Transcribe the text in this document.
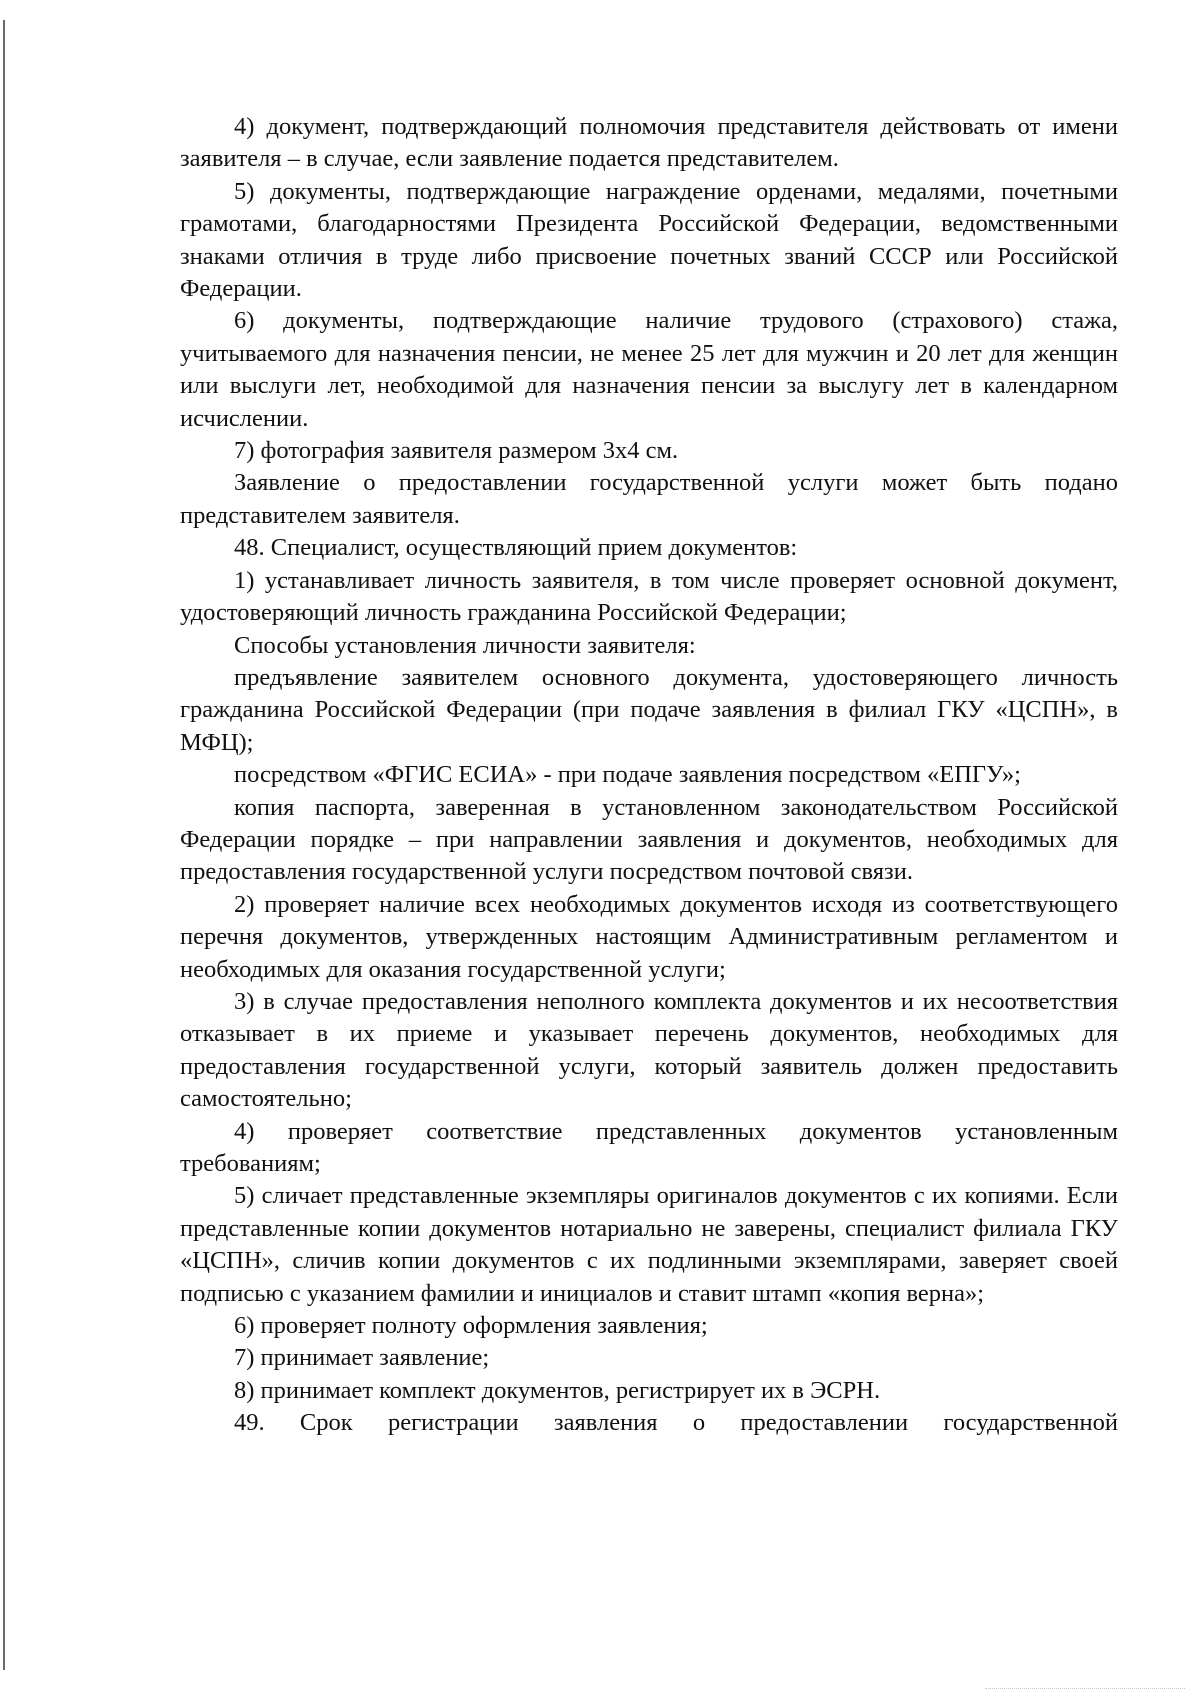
4) документ, подтверждающий полномочия представителя действовать от имени заявителя – в случае, если заявление подается представителем.

5) документы, подтверждающие награждение орденами, медалями, почетными грамотами, благодарностями Президента Российской Федерации, ведомственными знаками отличия в труде либо присвоение почетных званий СССР или Российской Федерации.

6) документы, подтверждающие наличие трудового (страхового) стажа, учитываемого для назначения пенсии, не менее 25 лет для мужчин и 20 лет для женщин или выслуги лет, необходимой для назначения пенсии за выслугу лет в календарном исчислении.

7) фотография заявителя размером 3х4 см.

Заявление о предоставлении государственной услуги может быть подано представителем заявителя.

48. Специалист, осуществляющий прием документов:

1) устанавливает личность заявителя, в том числе проверяет основной документ, удостоверяющий личность гражданина Российской Федерации;

Способы установления личности заявителя:

предъявление заявителем основного документа, удостоверяющего личность гражданина Российской Федерации (при подаче заявления в филиал ГКУ «ЦСПН», в МФЦ);

посредством «ФГИС ЕСИА» - при подаче заявления посредством «ЕПГУ»;

копия паспорта, заверенная в установленном законодательством Российской Федерации порядке – при направлении заявления и документов, необходимых для предоставления государственной услуги посредством почтовой связи.

2) проверяет наличие всех необходимых документов исходя из соответствующего перечня документов, утвержденных настоящим Административным регламентом и необходимых для оказания государственной услуги;

3) в случае предоставления неполного комплекта документов и их несоответствия отказывает в их приеме и указывает перечень документов, необходимых для предоставления государственной услуги, который заявитель должен предоставить самостоятельно;

4) проверяет соответствие представленных документов установленным требованиям;

5) сличает представленные экземпляры оригиналов документов с их копиями. Если представленные копии документов нотариально не заверены, специалист филиала ГКУ «ЦСПН», сличив копии документов с их подлинными экземплярами, заверяет своей подписью с указанием фамилии и инициалов и ставит штамп «копия верна»;

6) проверяет полноту оформления заявления;

7) принимает заявление;

8) принимает комплект документов, регистрирует их в ЭСРН.

49. Срок регистрации заявления о предоставлении государственной
